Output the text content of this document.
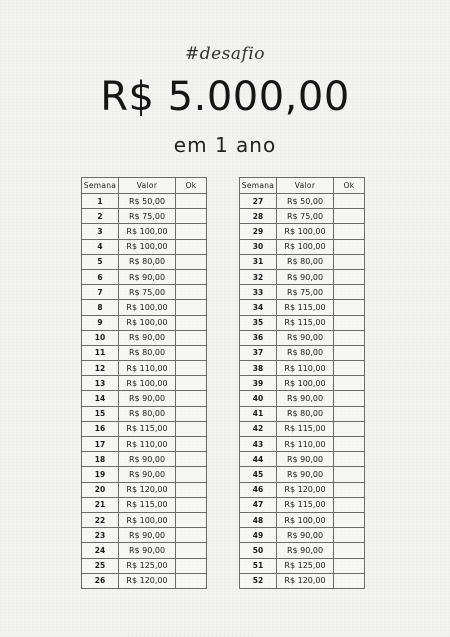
#desafio
R$ 5.000,00
em 1 ano
Semana	Valor	Ok
1	R$ 50,00	
2	R$ 75,00	
3	R$ 100,00	
4	R$ 100,00	
5	R$ 80,00	
6	R$ 90,00	
7	R$ 75,00	
8	R$ 100,00	
9	R$ 100,00	
10	R$ 90,00	
11	R$ 80,00	
12	R$ 110,00	
13	R$ 100,00	
14	R$ 90,00	
15	R$ 80,00	
16	R$ 115,00	
17	R$ 110,00	
18	R$ 90,00	
19	R$ 90,00	
20	R$ 120,00	
21	R$ 115,00	
22	R$ 100,00	
23	R$ 90,00	
24	R$ 90,00	
25	R$ 125,00	
26	R$ 120,00	
Semana	Valor	Ok
27	R$ 50,00	
28	R$ 75,00	
29	R$ 100,00	
30	R$ 100,00	
31	R$ 80,00	
32	R$ 90,00	
33	R$ 75,00	
34	R$ 115,00	
35	R$ 115,00	
36	R$ 90,00	
37	R$ 80,00	
38	R$ 110,00	
39	R$ 100,00	
40	R$ 90,00	
41	R$ 80,00	
42	R$ 115,00	
43	R$ 110,00	
44	R$ 90,00	
45	R$ 90,00	
46	R$ 120,00	
47	R$ 115,00	
48	R$ 100,00	
49	R$ 90,00	
50	R$ 90,00	
51	R$ 125,00	
52	R$ 120,00	
